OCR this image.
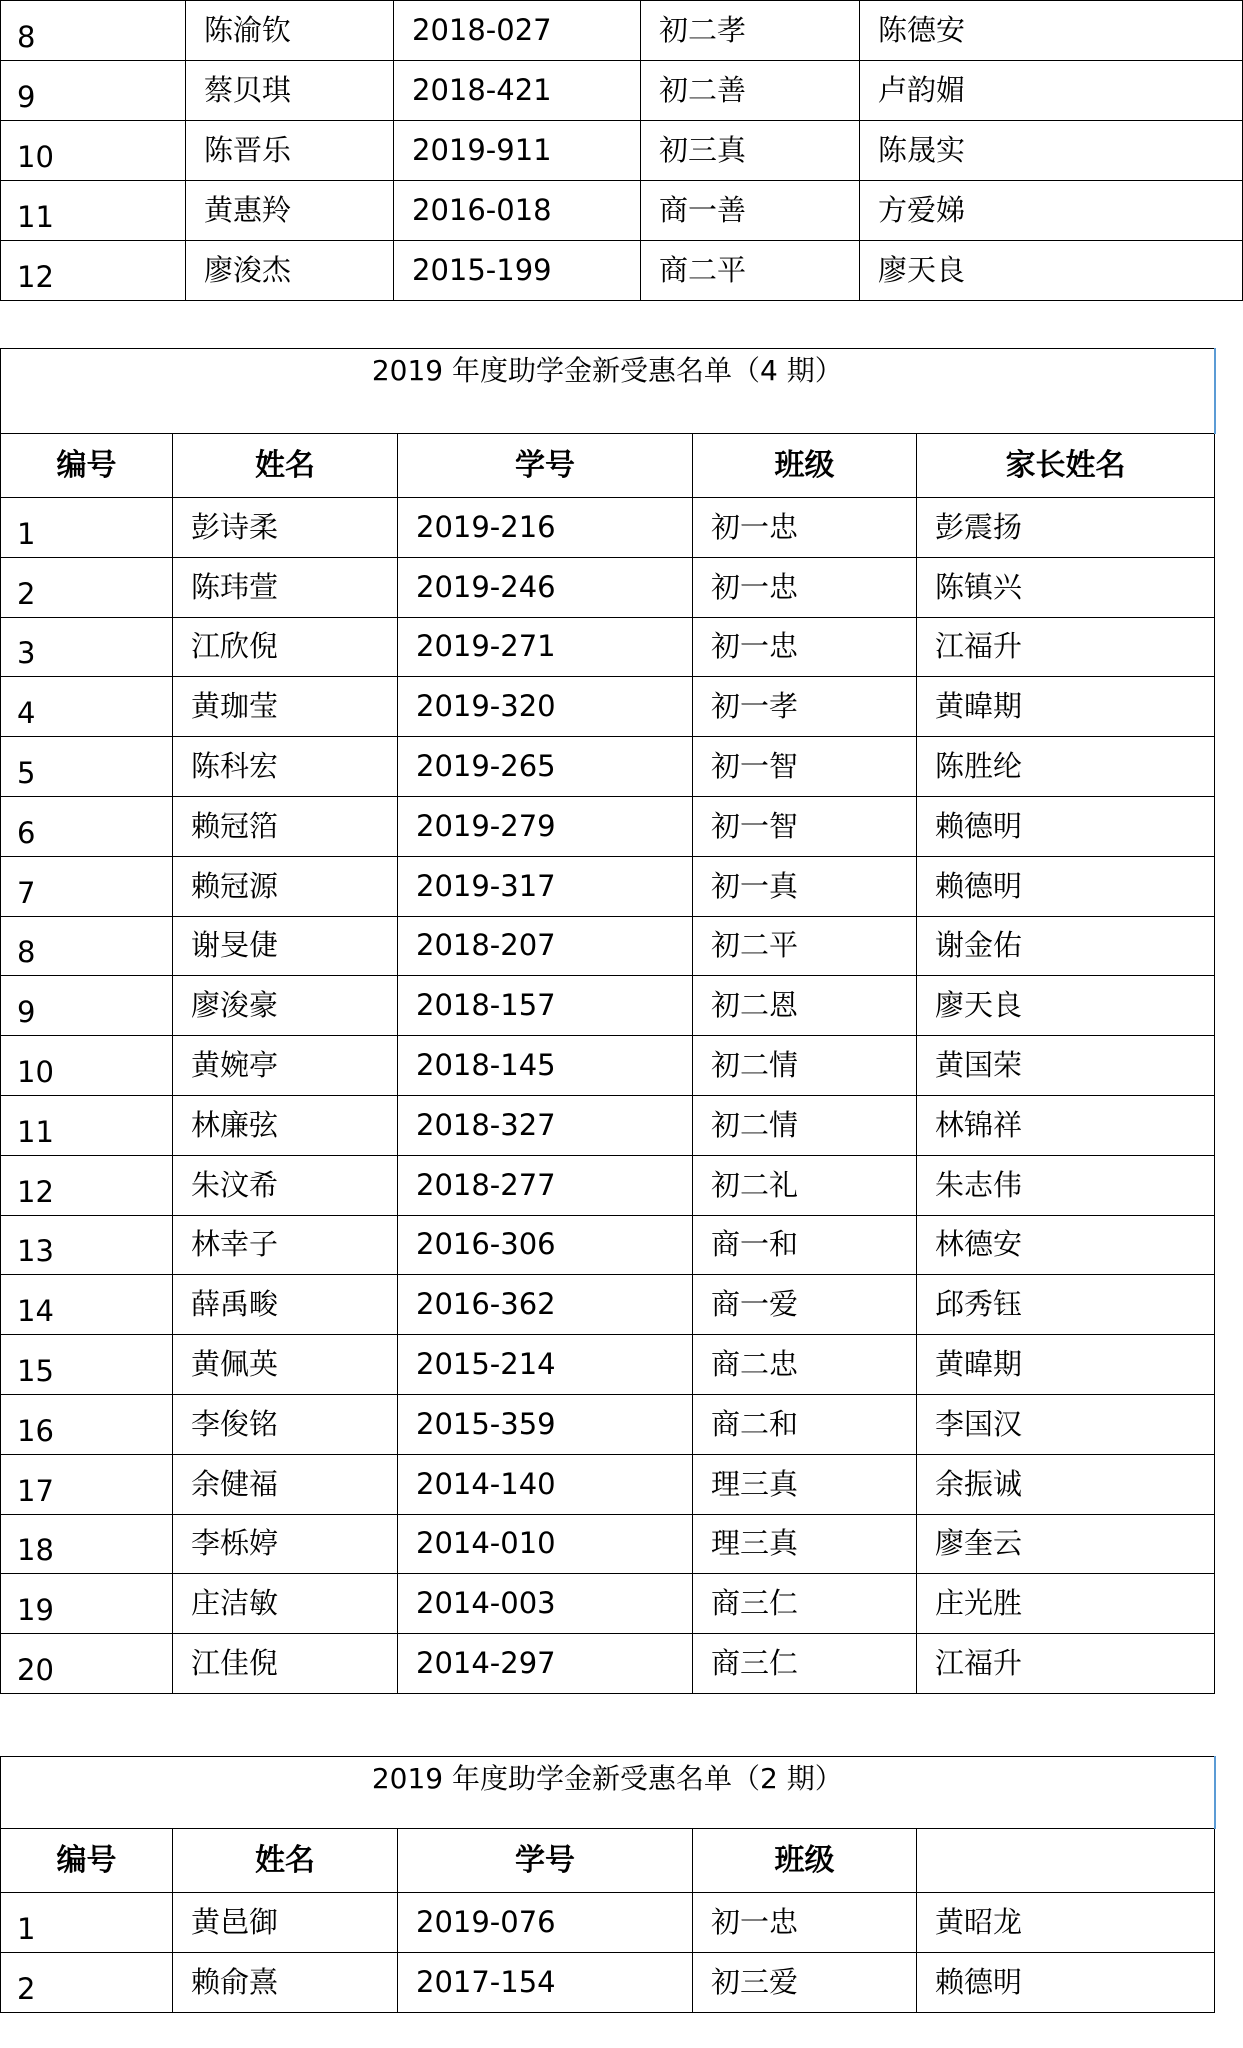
8	陈渝钦	2018-027	初二孝	陈德安
9	蔡贝琪	2018-421	初二善	卢韵媚
10	陈晋乐	2019-911	初三真	陈晟实
11	黄惠羚	2016-018	商一善	方爱娣
12	廖浚杰	2015-199	商二平	廖天良
2019 年度助学金新受惠名单（4 期）				
编号	姓名	学号	班级	家长姓名
1	彭诗柔	2019-216	初一忠	彭震扬
2	陈玮萱	2019-246	初一忠	陈镇兴
3	江欣倪	2019-271	初一忠	江福升
4	黄珈莹	2019-320	初一孝	黄暐期
5	陈科宏	2019-265	初一智	陈胜纶
6	赖冠箔	2019-279	初一智	赖德明
7	赖冠源	2019-317	初一真	赖德明
8	谢旻倢	2018-207	初二平	谢金佑
9	廖浚豪	2018-157	初二恩	廖天良
10	黄婉亭	2018-145	初二情	黄国荣
11	林廉弦	2018-327	初二情	林锦祥
12	朱汶希	2018-277	初二礼	朱志伟
13	林幸子	2016-306	商一和	林德安
14	薛禹畯	2016-362	商一爱	邱秀钰
15	黄佩英	2015-214	商二忠	黄暐期
16	李俊铭	2015-359	商二和	李国汉
17	余健福	2014-140	理三真	余振诚
18	李栎婷	2014-010	理三真	廖奎云
19	庄洁敏	2014-003	商三仁	庄光胜
20	江佳倪	2014-297	商三仁	江福升
2019 年度助学金新受惠名单（2 期）				
编号	姓名	学号	班级	
1	黄邑御	2019-076	初一忠	黄昭龙
2	赖俞熹	2017-154	初三爱	赖德明
